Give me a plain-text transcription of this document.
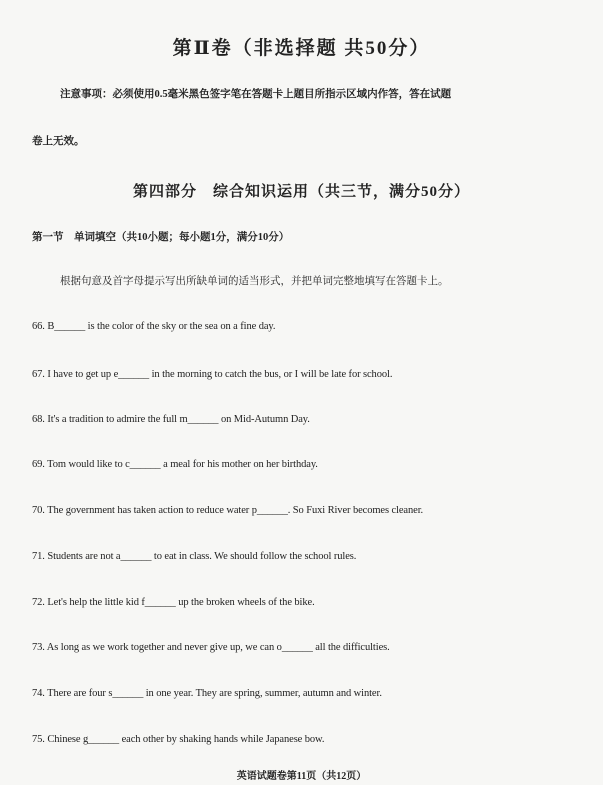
第Ⅱ卷（非选择题 共50分）
注意事项：必须使用0.5毫米黑色签字笔在答题卡上题目所指示区域内作答，答在试题
卷上无效。
第四部分　综合知识运用（共三节，满分50分）
第一节　单词填空（共10小题；每小题1分，满分10分）
根据句意及首字母提示写出所缺单词的适当形式，并把单词完整地填写在答题卡上。
66. B______ is the color of the sky or the sea on a fine day.
67. I have to get up e______ in the morning to catch the bus, or I will be late for school.
68. It's a tradition to admire the full m______ on Mid-Autumn Day.
69. Tom would like to c______ a meal for his mother on her birthday.
70. The government has taken action to reduce water p______. So Fuxi River becomes cleaner.
71. Students are not a______ to eat in class. We should follow the school rules.
72. Let's help the little kid f______ up the broken wheels of the bike.
73. As long as we work together and never give up, we can o______ all the difficulties.
74. There are four s______ in one year. They are spring, summer, autumn and winter.
75. Chinese g______ each other by shaking hands while Japanese bow.
英语试题卷第11页（共12页）
